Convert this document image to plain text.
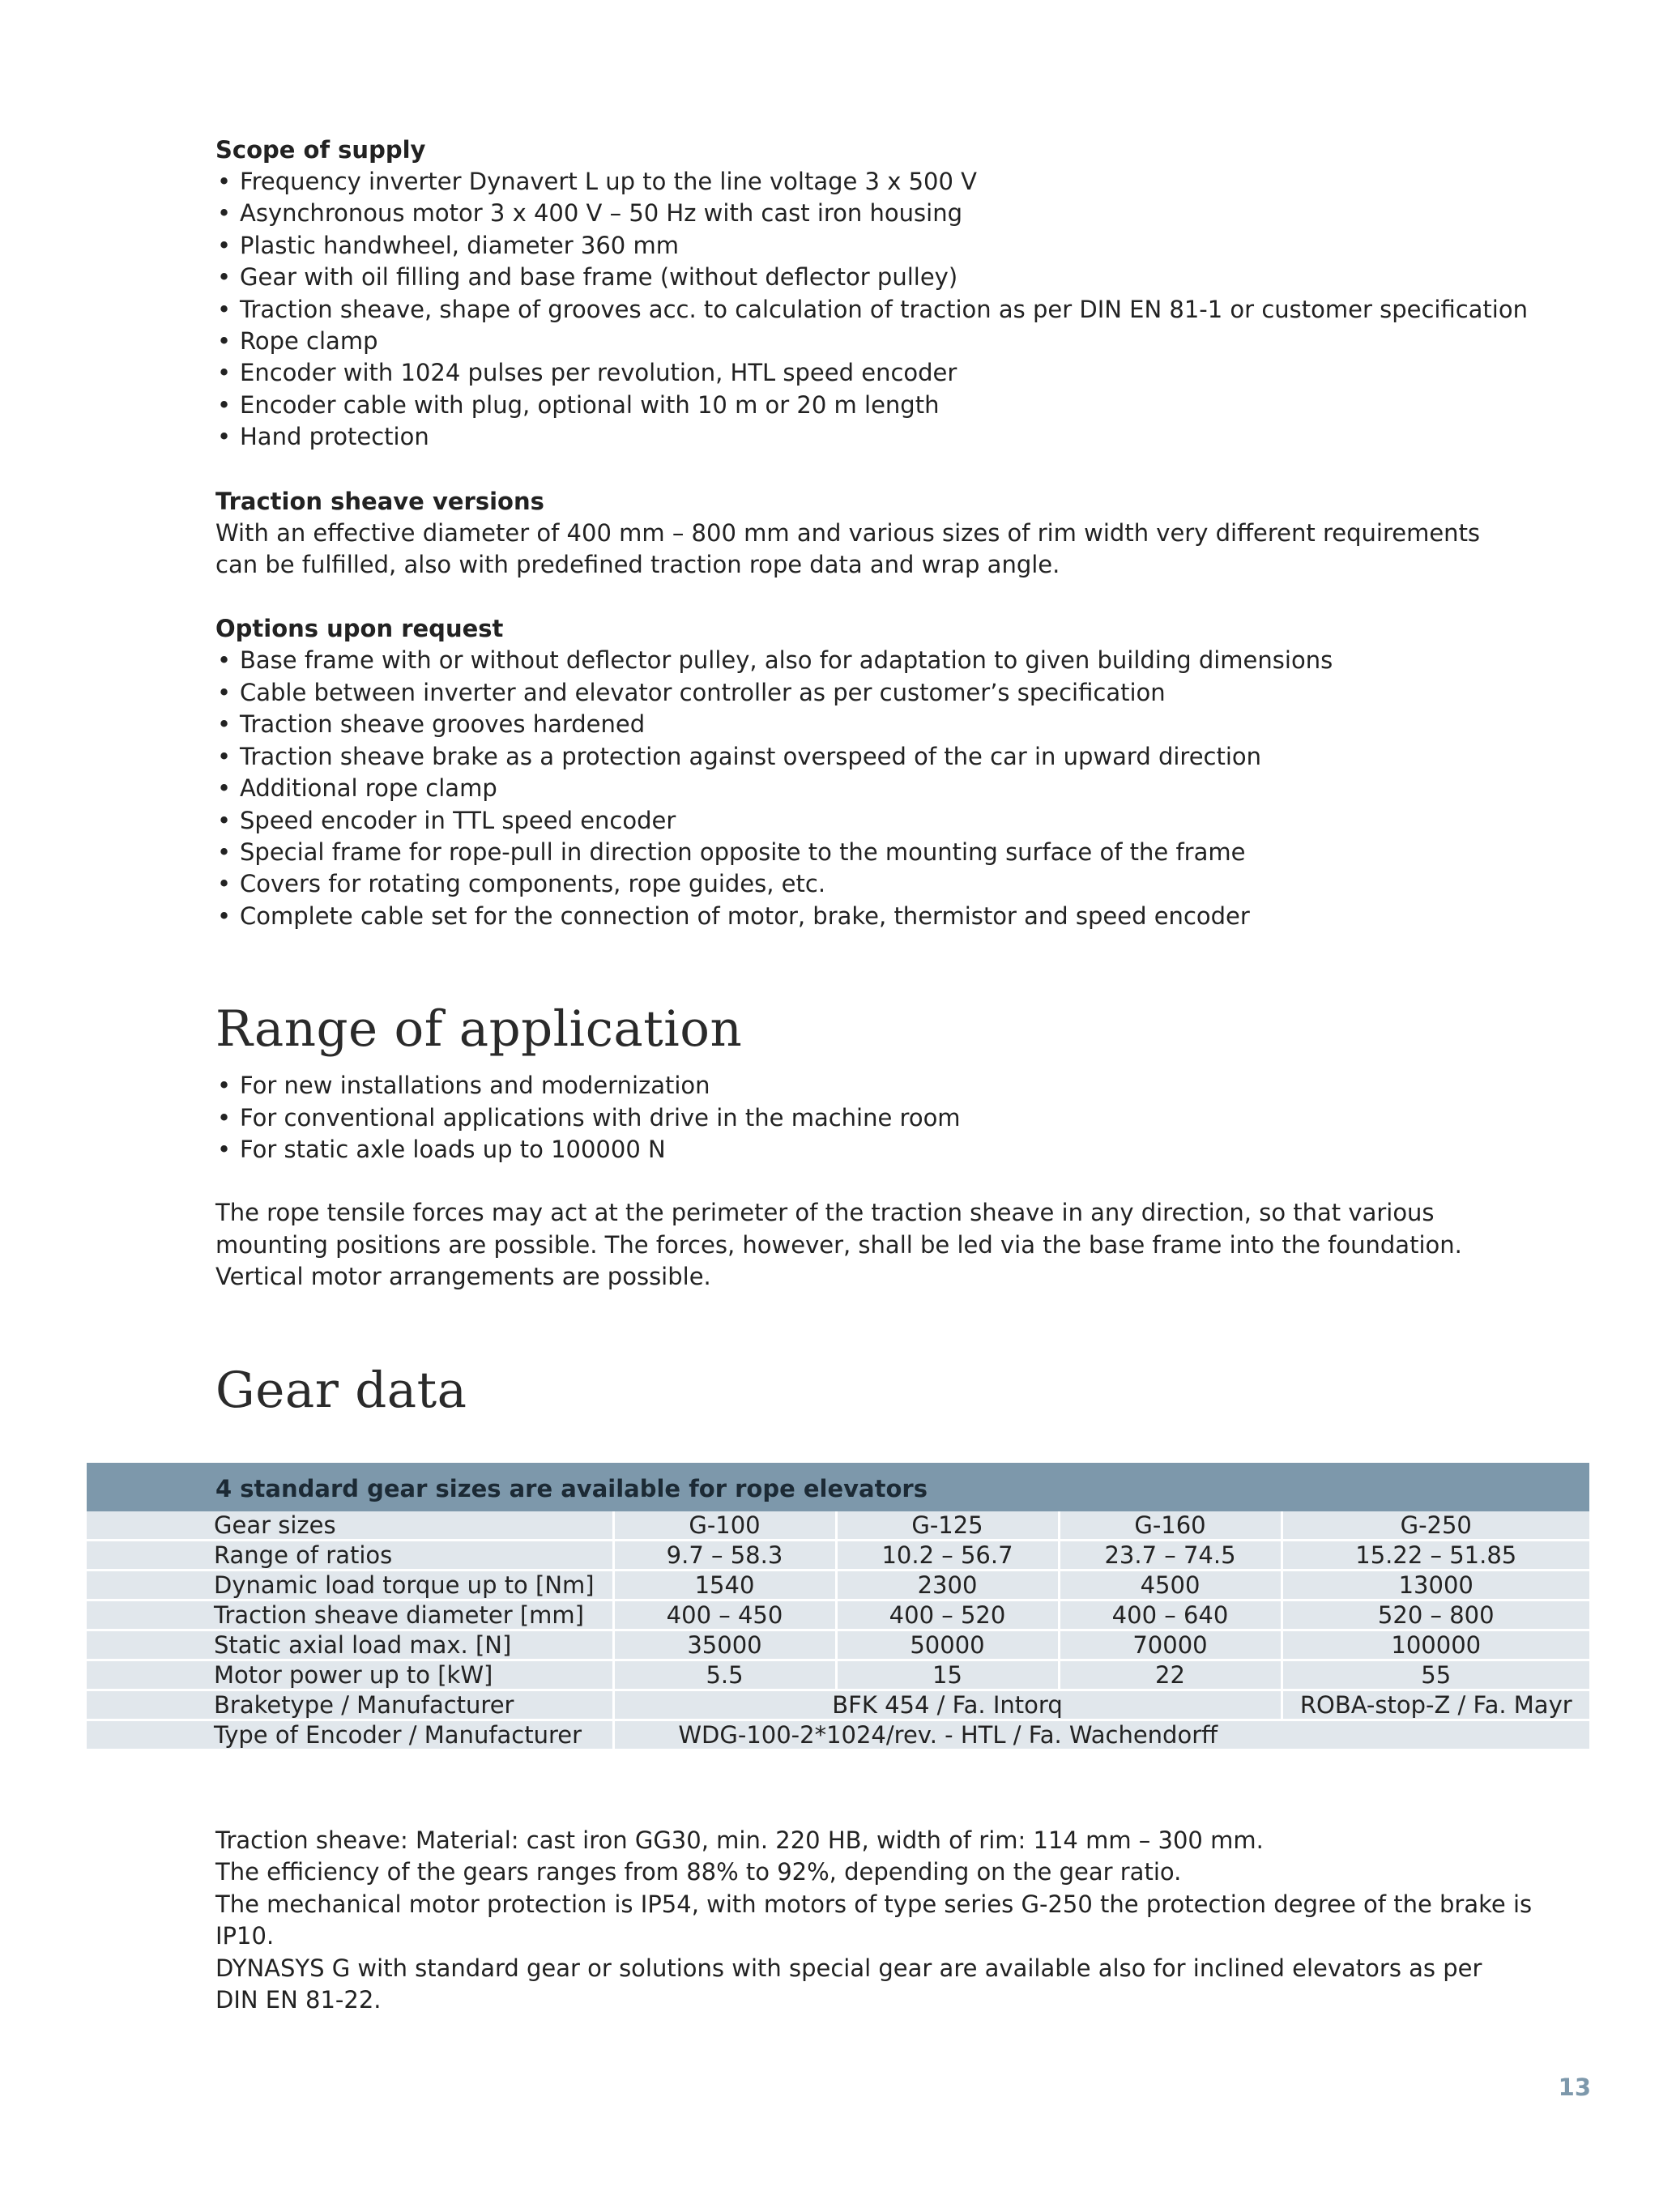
Scope of supply

• Frequency inverter Dynavert L up to the line voltage 3 x 500 V
• Asynchronous motor 3 x 400 V – 50 Hz with cast iron housing
• Plastic handwheel, diameter 360 mm
• Gear with oil filling and base frame (without deflector pulley)
• Traction sheave, shape of grooves acc. to calculation of traction as per DIN EN 81-1 or customer specification
• Rope clamp
• Encoder with 1024 pulses per revolution, HTL speed encoder
• Encoder cable with plug, optional with 10 m or 20 m length
• Hand protection

Traction sheave versions

With an effective diameter of 400 mm – 800 mm and various sizes of rim width very different requirements

can be fulfilled, also with predefined traction rope data and wrap angle.

Options upon request

• Base frame with or without deflector pulley, also for adaptation to given building dimensions
• Cable between inverter and elevator controller as per customer’s specification
• Traction sheave grooves hardened
• Traction sheave brake as a protection against overspeed of the car in upward direction
• Additional rope clamp
• Speed encoder in TTL speed encoder
• Special frame for rope-pull in direction opposite to the mounting surface of the frame
• Covers for rotating components, rope guides, etc.
• Complete cable set for the connection of motor, brake, thermistor and speed encoder
Range of application
• For new installations and modernization
• For conventional applications with drive in the machine room
• For static axle loads up to 100000 N

The rope tensile forces may act at the perimeter of the traction sheave in any direction, so that various

mounting positions are possible. The forces, however, shall be led via the base frame into the foundation.

Vertical motor arrangements are possible.

Gear data
4 standard gear sizes are available for rope elevators
Gear sizes	G-100	G-125	G-160	G-250
Range of ratios	9.7 – 58.3	10.2 – 56.7	23.7 – 74.5	15.22 – 51.85
Dynamic load torque up to [Nm]	1540	2300	4500	13000
Traction sheave diameter [mm]	400 – 450	400 – 520	400 – 640	520 – 800
Static axial load max. [N]	35000	50000	70000	100000
Motor power up to [kW]	5.5	15	22	55
Braketype / Manufacturer	BFK 454 / Fa. Intorq			ROBA-stop-Z / Fa. Mayr
Type of Encoder / Manufacturer	WDG-100-2*1024/rev. - HTL / Fa. Wachendorff			

Traction sheave: Material: cast iron GG30, min. 220 HB, width of rim: 114 mm – 300 mm.

The efficiency of the gears ranges from 88% to 92%, depending on the gear ratio.

The mechanical motor protection is IP54, with motors of type series G-250 the protection degree of the brake is IP10.

DYNASYS G with standard gear or solutions with special gear are available also for inclined elevators as per

DIN EN 81-22.

13
